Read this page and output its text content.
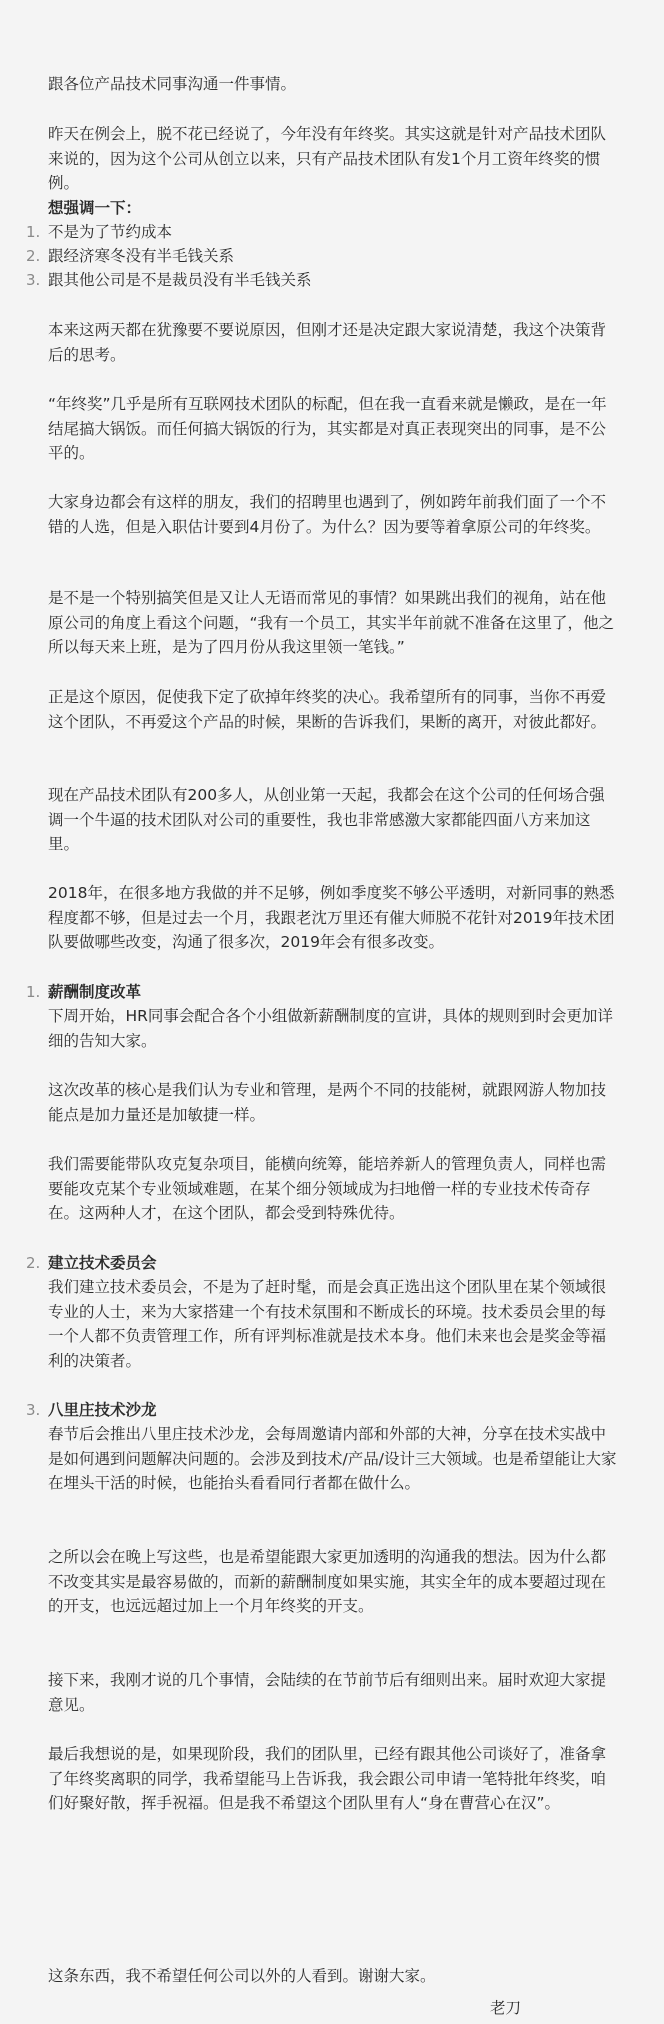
跟各位产品技术同事沟通一件事情。

昨天在例会上，脱不花已经说了，今年没有年终奖。其实这就是针对产品技术团队来说的，因为这个公司从创立以来，只有产品技术团队有发1个月工资年终奖的惯例。

想强调一下：

1. 不是为了节约成本
2. 跟经济寒冬没有半毛钱关系
3. 跟其他公司是不是裁员没有半毛钱关系

本来这两天都在犹豫要不要说原因，但刚才还是决定跟大家说清楚，我这个决策背后的思考。

“年终奖”几乎是所有互联网技术团队的标配，但在我一直看来就是懒政，是在一年结尾搞大锅饭。而任何搞大锅饭的行为，其实都是对真正表现突出的同事，是不公平的。

大家身边都会有这样的朋友，我们的招聘里也遇到了，例如跨年前我们面了一个不错的人选，但是入职估计要到4月份了。为什么？因为要等着拿原公司的年终奖。

是不是一个特别搞笑但是又让人无语而常见的事情？如果跳出我们的视角，站在他原公司的角度上看这个问题，“我有一个员工，其实半年前就不准备在这里了，他之所以每天来上班，是为了四月份从我这里领一笔钱。”

正是这个原因，促使我下定了砍掉年终奖的决心。我希望所有的同事，当你不再爱这个团队，不再爱这个产品的时候，果断的告诉我们，果断的离开，对彼此都好。

现在产品技术团队有200多人，从创业第一天起，我都会在这个公司的任何场合强调一个牛逼的技术团队对公司的重要性，我也非常感激大家都能四面八方来加这里。

2018年，在很多地方我做的并不足够，例如季度奖不够公平透明，对新同事的熟悉程度都不够，但是过去一个月，我跟老沈万里还有催大师脱不花针对2019年技术团队要做哪些改变，沟通了很多次，2019年会有很多改变。

1. 薪酬制度改革

下周开始，HR同事会配合各个小组做新薪酬制度的宣讲，具体的规则到时会更加详细的告知大家。

这次改革的核心是我们认为专业和管理，是两个不同的技能树，就跟网游人物加技能点是加力量还是加敏捷一样。

我们需要能带队攻克复杂项目，能横向统筹，能培养新人的管理负责人，同样也需要能攻克某个专业领域难题，在某个细分领域成为扫地僧一样的专业技术传奇存在。这两种人才，在这个团队，都会受到特殊优待。

2. 建立技术委员会

我们建立技术委员会，不是为了赶时髦，而是会真正选出这个团队里在某个领域很专业的人士，来为大家搭建一个有技术氛围和不断成长的环境。技术委员会里的每一个人都不负责管理工作，所有评判标准就是技术本身。他们未来也会是奖金等福利的决策者。

3. 八里庄技术沙龙

春节后会推出八里庄技术沙龙，会每周邀请内部和外部的大神，分享在技术实战中是如何遇到问题解决问题的。会涉及到技术/产品/设计三大领域。也是希望能让大家在埋头干活的时候，也能抬头看看同行者都在做什么。

之所以会在晚上写这些，也是希望能跟大家更加透明的沟通我的想法。因为什么都不改变其实是最容易做的，而新的薪酬制度如果实施，其实全年的成本要超过现在的开支，也远远超过加上一个月年终奖的开支。

接下来，我刚才说的几个事情，会陆续的在节前节后有细则出来。届时欢迎大家提意见。

最后我想说的是，如果现阶段，我们的团队里，已经有跟其他公司谈好了，准备拿了年终奖离职的同学，我希望能马上告诉我，我会跟公司申请一笔特批年终奖，咱们好聚好散，挥手祝福。但是我不希望这个团队里有人“身在曹营心在汉”。

这条东西，我不希望任何公司以外的人看到。谢谢大家。

老刀
